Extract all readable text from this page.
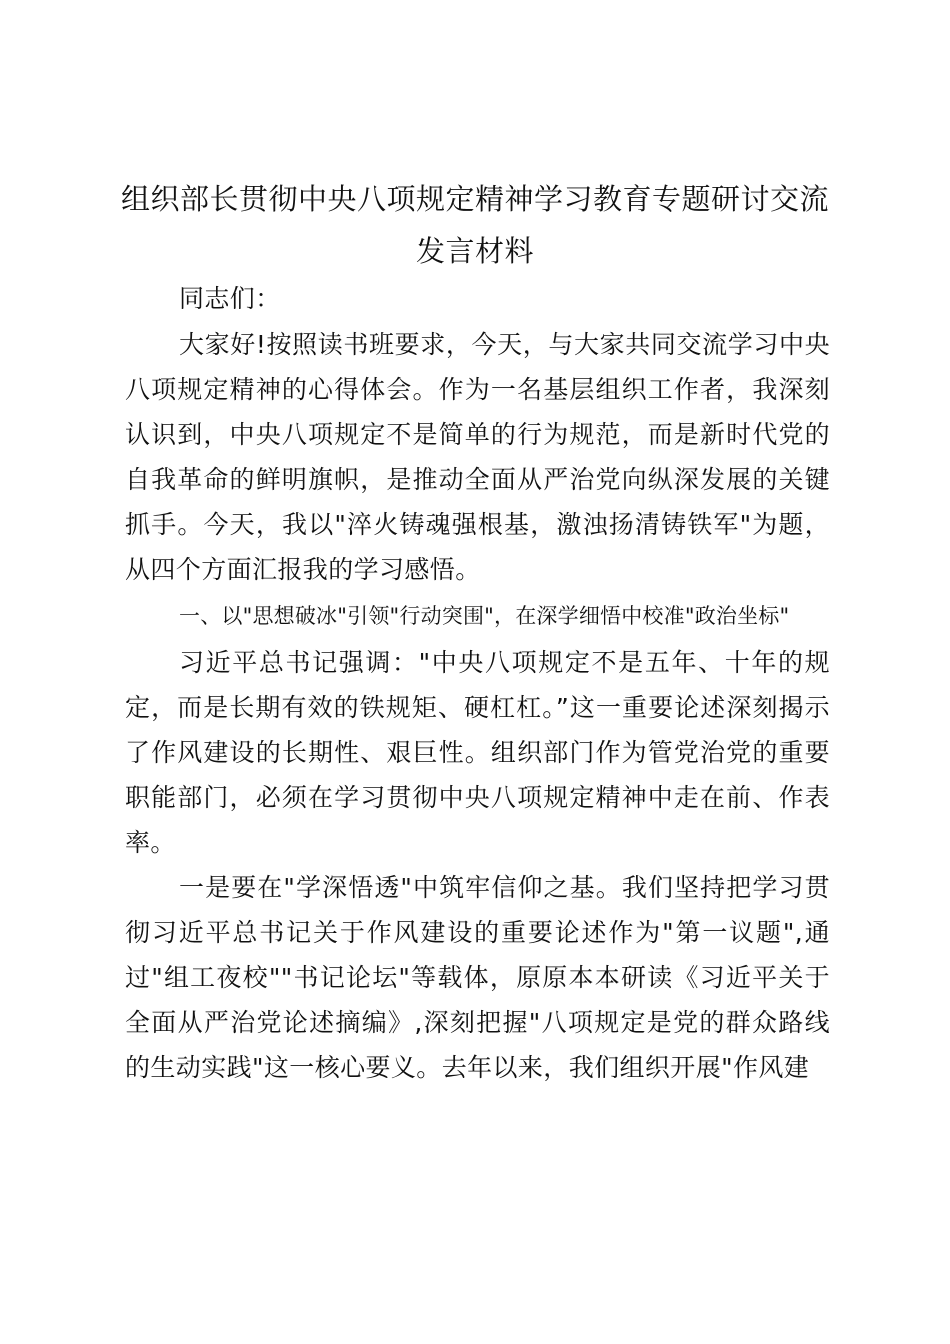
组织部长贯彻中央八项规定精神学习教育专题研讨交流发言材料

同志们：

大家好!按照读书班要求，今天，与大家共同交流学习中央八项规定精神的心得体会。作为一名基层组织工作者，我深刻认识到，中央八项规定不是简单的行为规范，而是新时代党的自我革命的鲜明旗帜，是推动全面从严治党向纵深发展的关键抓手。今天，我以"淬火铸魂强根基，激浊扬清铸铁军"为题，从四个方面汇报我的学习感悟。

一、以"思想破冰"引领"行动突围"，在深学细悟中校准"政治坐标"

习近平总书记强调："中央八项规定不是五年、十年的规定，而是长期有效的铁规矩、硬杠杠。”这一重要论述深刻揭示了作风建设的长期性、艰巨性。组织部门作为管党治党的重要职能部门，必须在学习贯彻中央八项规定精神中走在前、作表率。

一是要在"学深悟透"中筑牢信仰之基。我们坚持把学习贯彻习近平总书记关于作风建设的重要论述作为"第一议题",通过"组工夜校""书记论坛"等载体，原原本本研读《习近平关于全面从严治党论述摘编》,深刻把握"八项规定是党的群众路线的生动实践"这一核心要义。去年以来，我们组织开展"作风建
